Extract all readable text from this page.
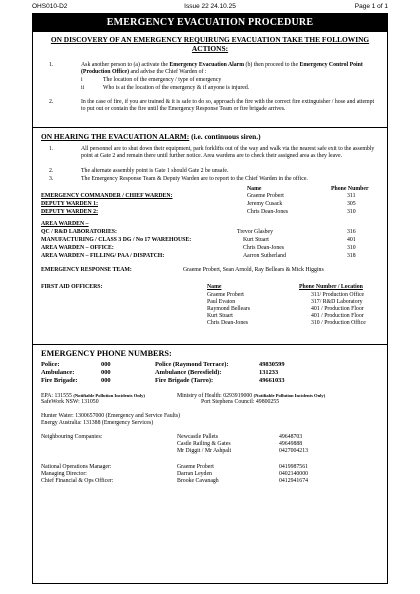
OHS010-D2	Issue 22 24.10.25	Page 1 of 1
EMERGENCY EVACUATION PROCEDURE
ON DISCOVERY OF AN EMERGENCY REQUIRUNG EVACUATION TAKE THE FOLLOWING ACTIONS:
1.	Ask another person to (a) activate the Emergency Evacuation Alarm (b) then proceed to the Emergency Control Point (Production Office) and advise the Chief Warden of :
i	The location of the emergency / type of emergency
ii	Who is at the location of the emergency & if anyone is injured.
2.	In the case of fire, if you are trained & it is safe to do so, approach the fire with the correct fire extinguisher / hose and attempt to put out or contain the fire until the Emergency Response Team or fire brigade arrives.
ON HEARING THE EVACUATION ALARM: (i.e. continuous siren.)
1.	All personnel are to shut down their equipment, park forklifts out of the way and walk via the nearest safe exit to the assembly point at Gate 2 and remain there until further notice. Area wardens are to check their assigned area as they leave.
2.	The alternate assembly point is Gate 1 should Gate 2 be unsafe.
3.	The Emergency Response Team & Deputy Warden are to report to the Chief Warden in the office.
Name	Phone Number
EMERGENCY COMMANDER / CHIEF WARDEN:	Graeme Probert	311
DEPUTY WARDEN 1:	Jeremy Cusack	305
DEPUTY WARDEN 2:	Chris Dean-Jones	310
AREA WARDEN –
QC / R&D LABORATORIES:	Trevor Glasbey	316
MANUFACTURING / CLASS 3 DG / No 17 WAREHOUSE:	Kurt Stuart	401
AREA WARDEN – OFFICE:	Chris Dean-Jones	310
AREA WARDEN – FILLING/ PAA / DISPATCH:	Aarron Sutherland	318
EMERGENCY RESPONSE TEAM:	Graeme Probert, Sean Arnold, Ray Bellears & Mick Higgins
FIRST AID OFFICERS:	Name	Phone Number / Location
Graeme Probert	311/ Production Office
Paul Evaton	317/ R&D Laboratory
Raymond Bellears	401 / Production Floor
Kurt Stuart	401 / Production Floor
Chris Dean-Jones	310 / Production Office
EMERGENCY PHONE NUMBERS:
Police:	000	Police (Raymond Terrace):	49830599
Ambulance:	000	Ambulance (Beresfield):	131233
Fire Brigade:	000	Fire Brigade (Tarro):	49661033
EPA: 131555 (Notifiable Pollution Incidents Only)	Ministry of Health: 0293919000 (Notifiable Pollution Incidents Only)
SafeWork NSW: 131050	Port Stephens Council: 49800255
Hunter Water: 1300657000 (Emergency and Service Faults)
Energy Australia: 131388 (Emergency Services)
Neighbouring Companies:	Newcastle Pallets	49648703
Castle Railing & Gates	49649888
Mr Diggit / Mr Ashpalt	0427004213
National Operations Manager:	Graeme Probert	0419987561
Managing Director:	Darran Leyden	0402140000
Chief Financial & Ops Officer:	Brooke Cavanagh	0412941674
